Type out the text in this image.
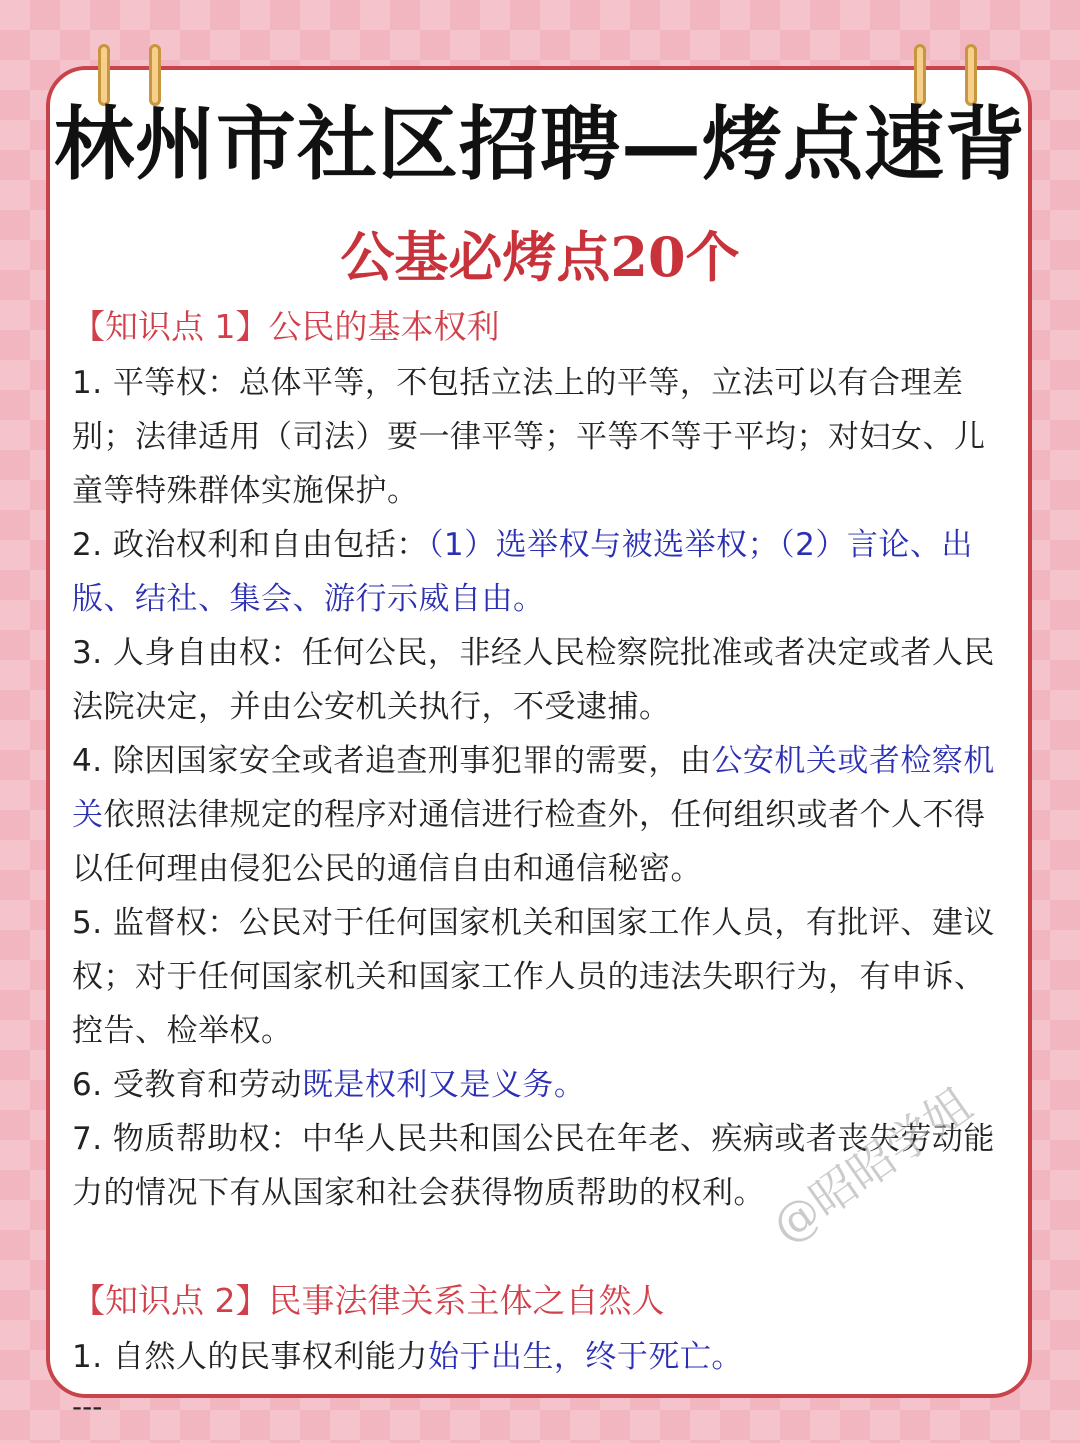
林州市社区招聘—烤点速背
公基必烤点20个

【知识点 1】公民的基本权利

1. 平等权：总体平等，不包括立法上的平等，立法可以有合理差别；法律适用（司法）要一律平等；平等不等于平均；对妇女、儿童等特殊群体实施保护。

2. 政治权利和自由包括：（1）选举权与被选举权；（2）言论、出版、结社、集会、游行示威自由。

3. 人身自由权：任何公民，非经人民检察院批准或者决定或者人民法院决定，并由公安机关执行，不受逮捕。

4. 除因国家安全或者追查刑事犯罪的需要，由公安机关或者检察机关依照法律规定的程序对通信进行检查外，任何组织或者个人不得以任何理由侵犯公民的通信自由和通信秘密。

5. 监督权：公民对于任何国家机关和国家工作人员，有批评、建议权；对于任何国家机关和国家工作人员的违法失职行为，有申诉、控告、检举权。

6. 受教育和劳动既是权利又是义务。

7. 物质帮助权：中华人民共和国公民在年老、疾病或者丧失劳动能力的情况下有从国家和社会获得物质帮助的权利。

【知识点 2】民事法律关系主体之自然人

1. 自然人的民事权利能力始于出生，终于死亡。

@昭昭学姐
---
